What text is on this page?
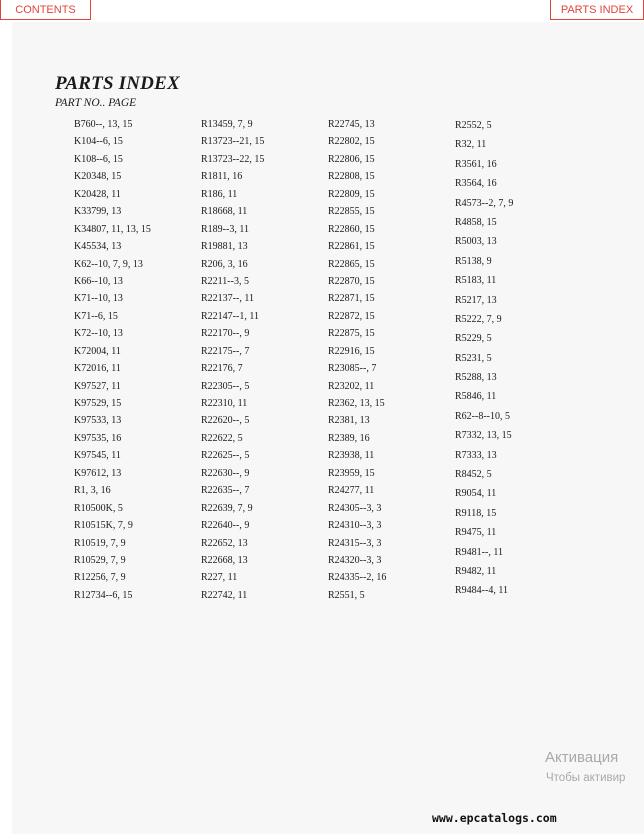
CONTENTS	PARTS INDEX
PARTS INDEX
PART NO.. PAGE
B760--, 13, 15
K104--6, 15
K108--6, 15
K20348, 15
K20428, 11
K33799, 13
K34807, 11, 13, 15
K45534, 13
K62--10, 7, 9, 13
K66--10, 13
K71--10, 13
K71--6, 15
K72--10, 13
K72004, 11
K72016, 11
K97527, 11
K97529, 15
K97533, 13
K97535, 16
K97545, 11
K97612, 13
R1, 3, 16
R10500K, 5
R10515K, 7, 9
R10519, 7, 9
R10529, 7, 9
R12256, 7, 9
R12734--6, 15
R13459, 7, 9
R13723--21, 15
R13723--22, 15
R1811, 16
R186, 11
R18668, 11
R189--3, 11
R19881, 13
R206, 3, 16
R2211--3, 5
R22137--, 11
R22147--1, 11
R22170--, 9
R22175--, 7
R22176, 7
R22305--, 5
R22310, 11
R22620--, 5
R22622, 5
R22625--, 5
R22630--, 9
R22635--, 7
R22639, 7, 9
R22640--, 9
R22652, 13
R22668, 13
R227, 11
R22742, 11
R22745, 13
R22802, 15
R22806, 15
R22808, 15
R22809, 15
R22855, 15
R22860, 15
R22861, 15
R22865, 15
R22870, 15
R22871, 15
R22872, 15
R22875, 15
R22916, 15
R23085--, 7
R23202, 11
R2362, 13, 15
R2381, 13
R2389, 16
R23938, 11
R23959, 15
R24277, 11
R24305--3, 3
R24310--3, 3
R24315--3, 3
R24320--3, 3
R24335--2, 16
R2551, 5
R2552, 5
R32, 11
R3561, 16
R3564, 16
R4573--2, 7, 9
R4858, 15
R5003, 13
R5138, 9
R5183, 11
R5217, 13
R5222, 7, 9
R5229, 5
R5231, 5
R5288, 13
R5846, 11
R62--8--10, 5
R7332, 13, 15
R7333, 13
R8452, 5
R9054, 11
R9118, 15
R9475, 11
R9481--, 11
R9482, 11
R9484--4, 11
Активация
Чтобы активир
www.epcatalogs.com
